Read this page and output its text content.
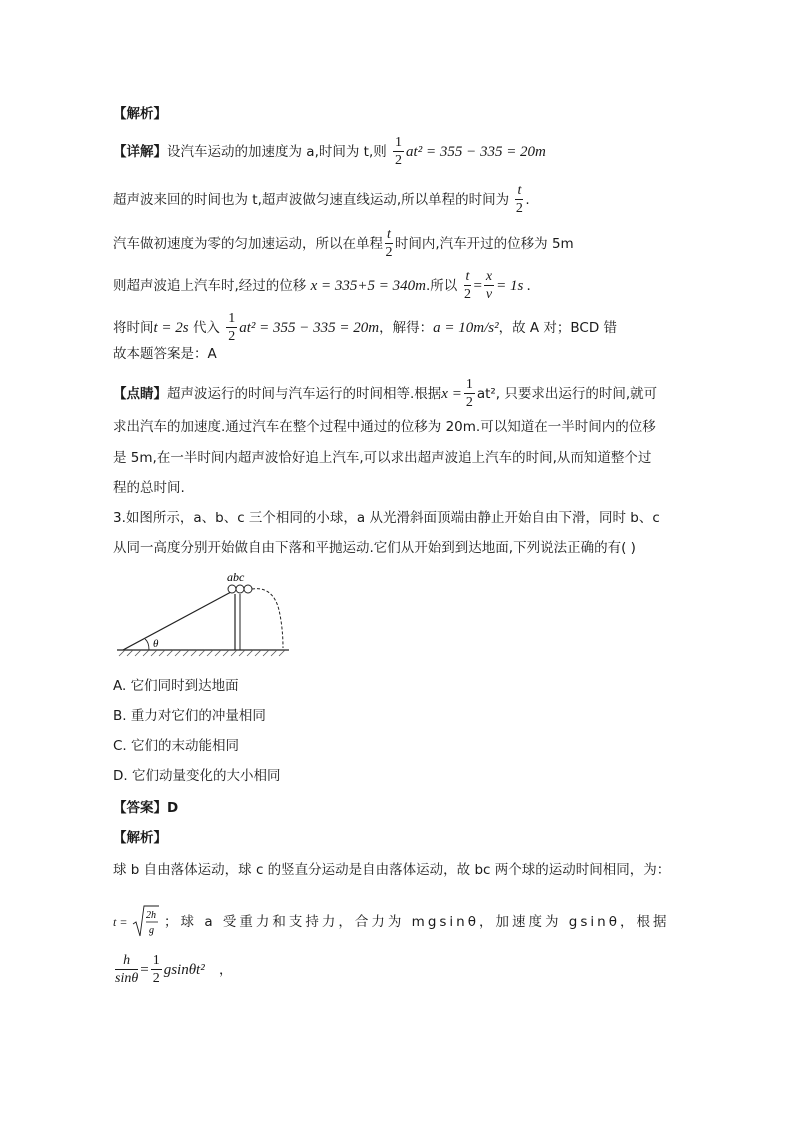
【解析】
【详解】设汽车运动的加速度为 a,时间为 t,则 $\frac{1}{2} at^2 = 355 - 335 = 20m$
超声波来回的时间也为 t,超声波做匀速直线运动,所以单程的时间为 $\frac{t}{2}$ .
汽车做初速度为零的匀加速运动，所以在单程 $\frac{t}{2}$ 时间内,汽车开过的位移为 5m
则超声波追上汽车时,经过的位移 x = 335+5 = 340m.所以 $\frac{t}{2} = \frac{x}{v} = 1s$ .
将时间t = 2s 代入 $\frac{1}{2} at^2 = 355 - 335 = 20m$，解得：a = 10m/s²，故 A 对；BCD 错
故本题答案是：A
【点睛】超声波运行的时间与汽车运行的时间相等.根据$x = \frac{1}{2} at^2$, 只要求出运行的时间,就可
求出汽车的加速度.通过汽车在整个过程中通过的位移为 20m.可以知道在一半时间内的位移
是 5m,在一半时间内超声波恰好追上汽车,可以求出超声波追上汽车的时间,从而知道整个过
程的总时间.
3.如图所示，a、b、c 三个相同的小球，a 从光滑斜面顶端由静止开始自由下滑，同时 b、c
从同一高度分别开始做自由下落和平抛运动.它们从开始到到达地面,下列说法正确的有( )
abc
θ
A. 它们同时到达地面
B. 重力对它们的冲量相同
C. 它们的末动能相同
D. 它们动量变化的大小相同
【答案】D
【解析】
球 b 自由落体运动，球 c 的竖直分运动是自由落体运动，故 bc 两个球的运动时间相同，为：
t = 2h
g
；球 a 受重力和支持力，合力为 mgsinθ，加速度为 gsinθ，根据
$\frac{h}{\sin\theta} = \frac{1}{2} gsin\theta t^2$ ，
